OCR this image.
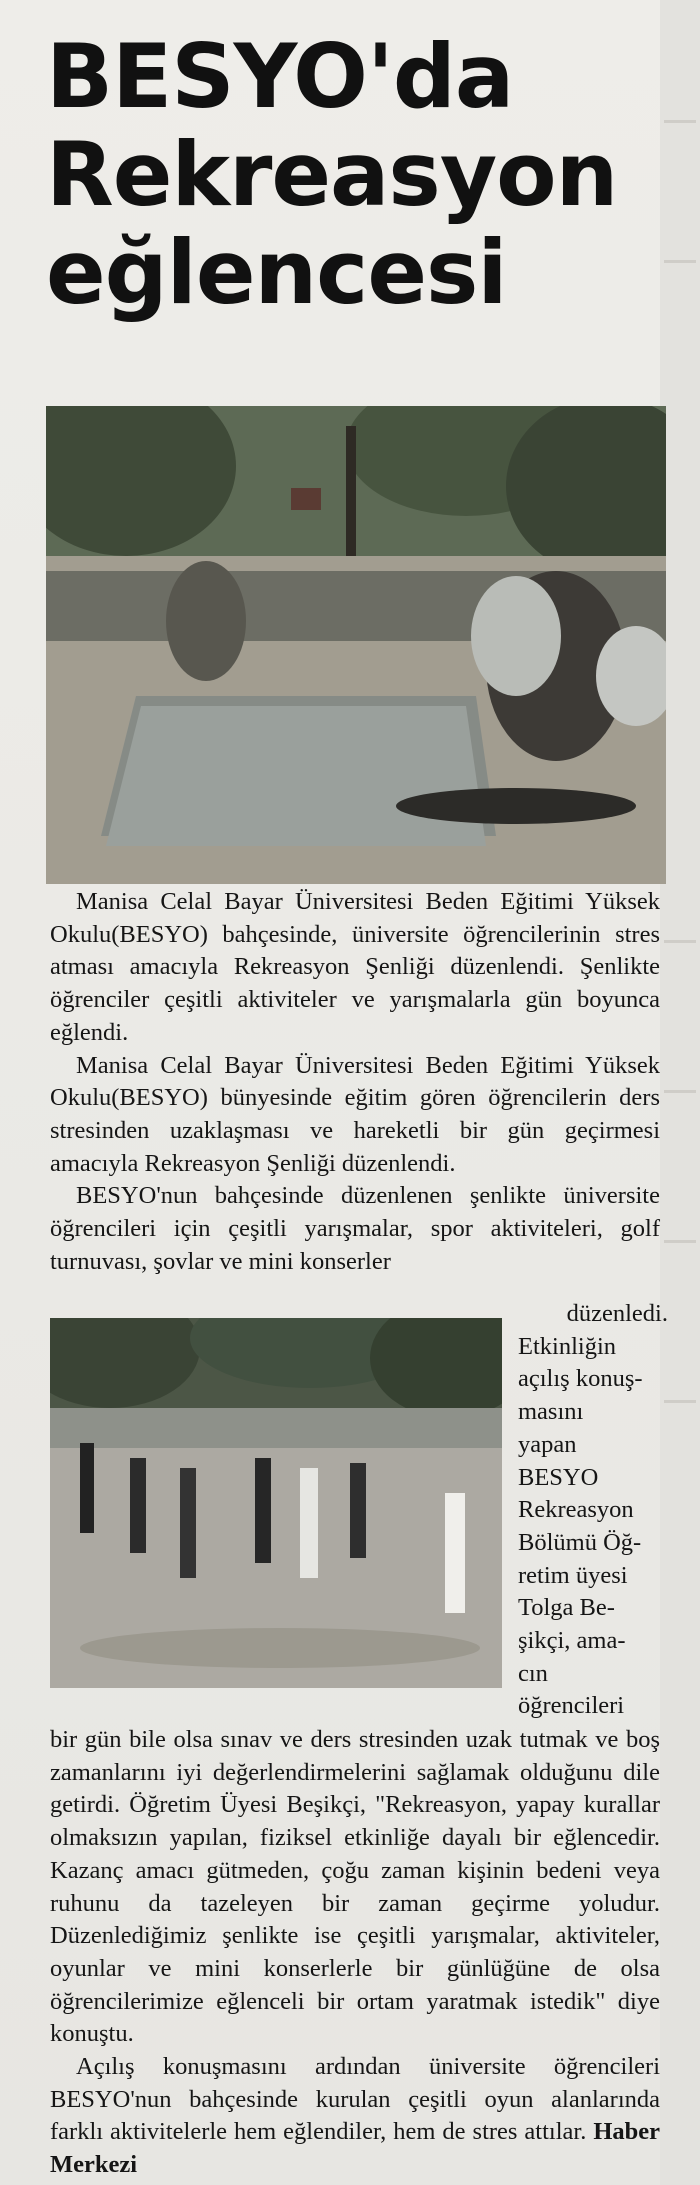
BESYO'da
Rekreasyon
eğlencesi

Manisa Celal Bayar Üniversitesi Beden Eğitimi Yüksek Okulu(BESYO) bahçesinde, üniversite öğrencilerinin stres atması amacıyla Rekreasyon Şenliği düzenlendi. Şenlikte öğrenciler çeşitli aktiviteler ve yarışmalarla gün boyunca eğlendi.

Manisa Celal Bayar Üniversitesi Beden Eğitimi Yüksek Okulu(BESYO) bünyesinde eğitim gören öğrencilerin ders stresinden uzaklaşması ve hareketli bir gün geçirmesi amacıyla Rekreasyon Şenliği düzenlendi.

BESYO'nun bahçesinde düzenlenen şenlikte üniversite öğrencileri için çeşitli yarışmalar, spor aktiviteleri, golf turnuvası, şovlar ve mini konserler

düzenledi.
Etkinliğin
açılış konuş-
masını
yapan
BESYO
Rekreasyon
Bölümü Öğ-
retim üyesi
Tolga Be-
şikçi, ama-
cın
öğrencileri

bir gün bile olsa sınav ve ders stresinden uzak tutmak ve boş zamanlarını iyi değerlendirmelerini sağlamak olduğunu dile getirdi. Öğretim Üyesi Beşikçi, "Rekreasyon, yapay kurallar olmaksızın yapılan, fiziksel etkinliğe dayalı bir eğlencedir. Kazanç amacı gütmeden, çoğu zaman kişinin bedeni veya ruhunu da tazeleyen bir zaman geçirme yoludur. Düzenlediğimiz şenlikte ise çeşitli yarışmalar, aktiviteler, oyunlar ve mini konserlerle bir günlüğüne de olsa öğrencilerimize eğlenceli bir ortam yaratmak istedik" diye konuştu.

Açılış konuşmasını ardından üniversite öğrencileri BESYO'nun bahçesinde kurulan çeşitli oyun alanlarında farklı aktivitelerle hem eğlendiler, hem de stres attılar. Haber Merkezi
